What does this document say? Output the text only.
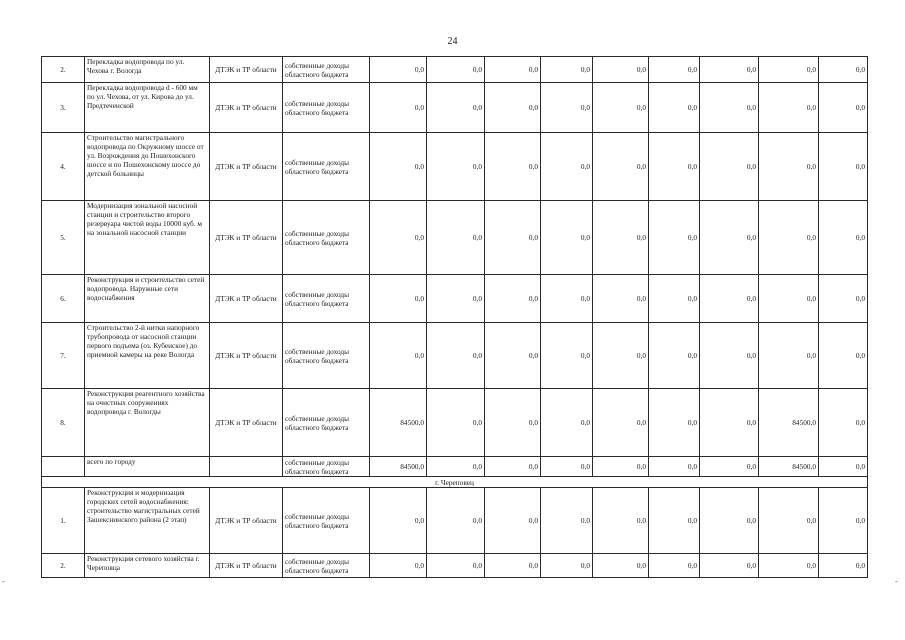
24
2.	Перекладка водопровода по ул. Чехова г. Вологда	ДТЭК и ТР области	собственные доходы областного бюджета	0,0	0,0	0,0	0,0	0,0	0,0	0,0	0,0	0,0
3.	Перекладка водопровода d - 600 мм по ул. Чехова, от ул. Кирова до ул. Предтеченской	ДТЭК и ТР области	собственные доходы областного бюджета	0,0	0,0	0,0	0,0	0,0	0,0	0,0	0,0	0,0
4.	Строительство магистрального водопровода по Окружному шоссе от ул. Возрождения до Пошехонского шоссе и по Пошехонскому шоссе до детской больницы	ДТЭК и ТР области	собственные доходы областного бюджета	0,0	0,0	0,0	0,0	0,0	0,0	0,0	0,0	0,0
5.	Модернизация зональной насосной станции и строительство второго резервуара чистой воды 10000 куб. м на зональной насосной станции	ДТЭК и ТР области	собственные доходы областного бюджета	0,0	0,0	0,0	0,0	0,0	0,0	0,0	0,0	0,0
6.	Реконструкция и строительство сетей водопровода. Наружные сети водоснабжения	ДТЭК и ТР области	собственные доходы областного бюджета	0,0	0,0	0,0	0,0	0,0	0,0	0,0	0,0	0,0
7.	Строительство 2-й нитки напорного трубопровода от насосной станции первого подъема (оз. Кубенское) до приемной камеры на реке Вологда	ДТЭК и ТР области	собственные доходы областного бюджета	0,0	0,0	0,0	0,0	0,0	0,0	0,0	0,0	0,0
8.	Реконструкция реагентного хозяйства на очистных сооружениях водопровода г. Вологды	ДТЭК и ТР области	собственные доходы областного бюджета	84500,0	0,0	0,0	0,0	0,0	0,0	0,0	84500,0	0,0
	всего по городу		собственные доходы областного бюджета	84500,0	0,0	0,0	0,0	0,0	0,0	0,0	84500,0	0,0
г. Череповец												
1.	Реконструкция и модернизация городских сетей водоснабжения: строительство магистральных сетей Зашекснинского района (2 этап)	ДТЭК и ТР области	собственные доходы областного бюджета	0,0	0,0	0,0	0,0	0,0	0,0	0,0	0,0	0,0
2.	Реконструкция сетевого хозяйства г. Череповца	ДТЭК и ТР области	собственные доходы областного бюджета	0,0	0,0	0,0	0,0	0,0	0,0	0,0	0,0	0,0
-	-
